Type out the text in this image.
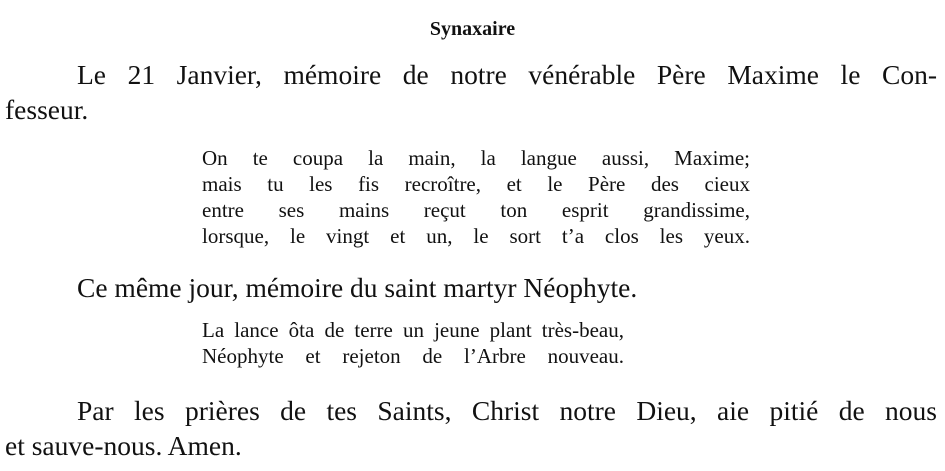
Synaxaire
Le 21 Janvier, mémoire de notre vénérable Père Maxime le Con-
fesseur.
On te coupa la main, la langue aussi, Maxime;
mais tu les fis recroître, et le Père des cieux
entre ses mains reçut ton esprit grandissime,
lorsque, le vingt et un, le sort t’a clos les yeux.
Ce même jour, mémoire du saint martyr Néophyte.
La lance ôta de terre un jeune plant très-beau,
Néophyte et rejeton de l’Arbre nouveau.
Par les prières de tes Saints, Christ notre Dieu, aie pitié de nous
et sauve-nous. Amen.
